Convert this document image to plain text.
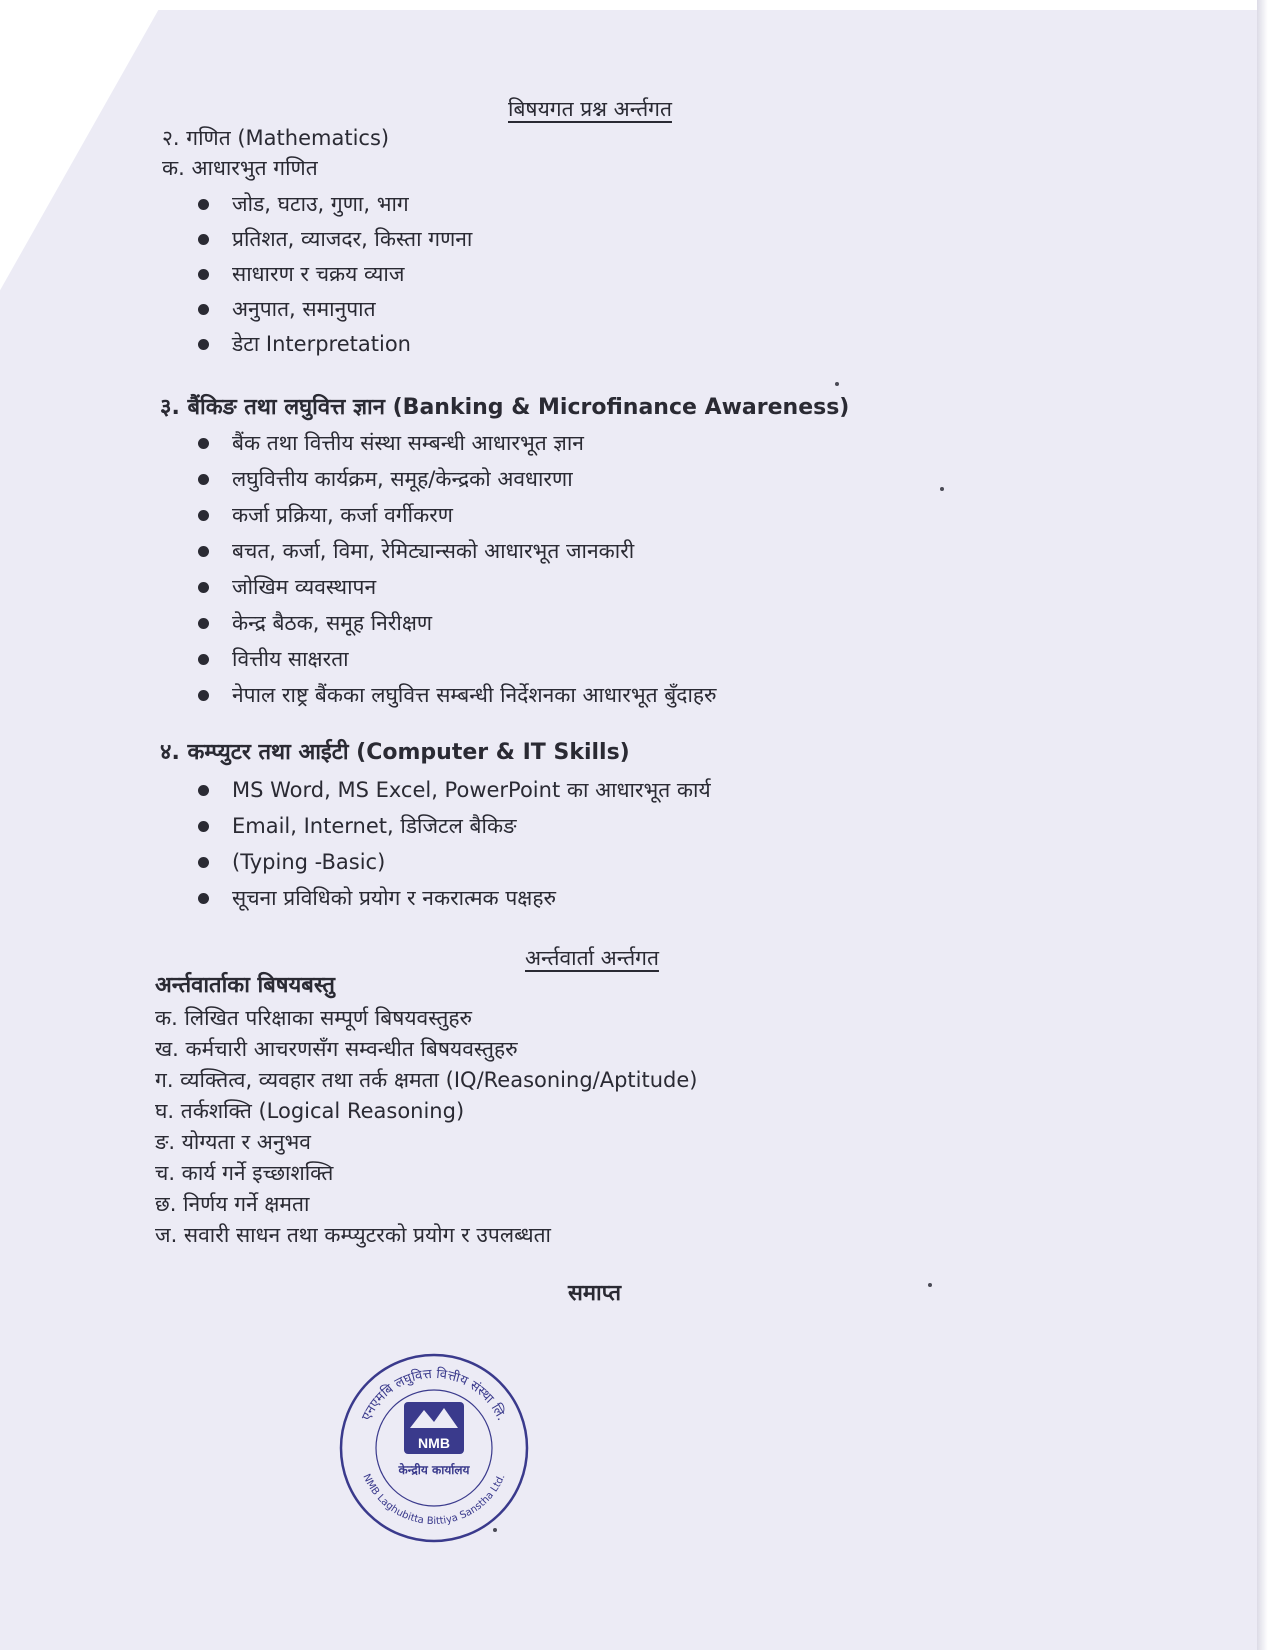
बिषयगत प्रश्न अर्न्तगत

२. गणित (Mathematics)

क. आधारभुत गणित

जोड, घटाउ, गुणा, भाग
प्रतिशत, व्याजदर, किस्ता गणना
साधारण र चक्रय व्याज
अनुपात, समानुपात
डेटा Interpretation

३. बैंकिङ तथा लघुवित्त ज्ञान (Banking & Microfinance Awareness)

बैंक तथा वित्तीय संस्था सम्बन्धी आधारभूत ज्ञान
लघुवित्तीय कार्यक्रम, समूह/केन्द्रको अवधारणा
कर्जा प्रक्रिया, कर्जा वर्गीकरण
बचत, कर्जा, विमा, रेमिट्यान्सको आधारभूत जानकारी
जोखिम व्यवस्थापन
केन्द्र बैठक, समूह निरीक्षण
वित्तीय साक्षरता
नेपाल राष्ट्र बैंकका लघुवित्त सम्बन्धी निर्देशनका आधारभूत बुँदाहरु

४. कम्प्युटर तथा आईटी (Computer & IT Skills)

MS Word, MS Excel, PowerPoint का आधारभूत कार्य
Email, Internet, डिजिटल बैकिङ
(Typing -Basic)
सूचना प्रविधिको प्रयोग र नकरात्मक पक्षहरु

अर्न्तवार्ता अर्न्तगत

अर्न्तवार्ताका बिषयबस्तु

क. लिखित परिक्षाका सम्पूर्ण बिषयवस्तुहरु
ख. कर्मचारी आचरणसँग सम्वन्धीत बिषयवस्तुहरु
ग. व्यक्तित्व, व्यवहार तथा तर्क क्षमता (IQ/Reasoning/Aptitude)
घ. तर्कशक्ति (Logical Reasoning)
ङ. योग्यता र अनुभव
च. कार्य गर्ने इच्छाशक्ति
छ. निर्णय गर्ने क्षमता
ज. सवारी साधन तथा कम्प्युटरको प्रयोग र उपलब्धता

समाप्त

एनएमबि लघुवित्त वित्तीय संस्था लि.
NMB Laghubitta Bittiya Sanstha Ltd.
NMB
केन्द्रीय कार्यालय
